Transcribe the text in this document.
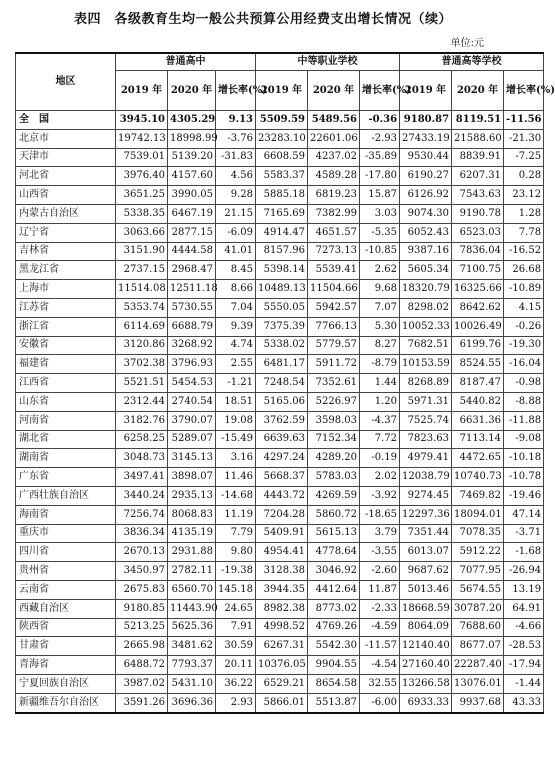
表四　各级教育生均一般公共预算公用经费支出增长情况（续）
单位:元
地区	普通高中			中等职业学校			普通高等学校		
	2019 年	2020 年	增长率(%)	2019 年	2020 年	增长率(%)	2019 年	2020 年	增长率(%)
全　国	3945.10	4305.29	9.13	5509.59	5489.56	-0.36	9180.87	8119.51	-11.56
北京市	19742.13	18998.99	-3.76	23283.10	22601.06	-2.93	27433.19	21588.60	-21.30
天津市	7539.01	5139.20	-31.83	6608.59	4237.02	-35.89	9530.44	8839.91	-7.25
河北省	3976.40	4157.60	4.56	5583.37	4589.28	-17.80	6190.27	6207.31	0.28
山西省	3651.25	3990.05	9.28	5885.18	6819.23	15.87	6126.92	7543.63	23.12
内蒙古自治区	5338.35	6467.19	21.15	7165.69	7382.99	3.03	9074.30	9190.78	1.28
辽宁省	3063.66	2877.15	-6.09	4914.47	4651.57	-5.35	6052.43	6523.03	7.78
吉林省	3151.90	4444.58	41.01	8157.96	7273.13	-10.85	9387.16	7836.04	-16.52
黑龙江省	2737.15	2968.47	8.45	5398.14	5539.41	2.62	5605.34	7100.75	26.68
上海市	11514.08	12511.18	8.66	10489.13	11504.66	9.68	18320.79	16325.66	-10.89
江苏省	5353.74	5730.55	7.04	5550.05	5942.57	7.07	8298.02	8642.62	4.15
浙江省	6114.69	6688.79	9.39	7375.39	7766.13	5.30	10052.33	10026.49	-0.26
安徽省	3120.86	3268.92	4.74	5338.02	5779.57	8.27	7682.51	6199.76	-19.30
福建省	3702.38	3796.93	2.55	6481.17	5911.72	-8.79	10153.59	8524.55	-16.04
江西省	5521.51	5454.53	-1.21	7248.54	7352.61	1.44	8268.89	8187.47	-0.98
山东省	2312.44	2740.54	18.51	5165.06	5226.97	1.20	5971.31	5440.82	-8.88
河南省	3182.76	3790.07	19.08	3762.59	3598.03	-4.37	7525.74	6631.36	-11.88
湖北省	6258.25	5289.07	-15.49	6639.63	7152.34	7.72	7823.63	7113.14	-9.08
湖南省	3048.73	3145.13	3.16	4297.24	4289.20	-0.19	4979.41	4472.65	-10.18
广东省	3497.41	3898.07	11.46	5668.37	5783.03	2.02	12038.79	10740.73	-10.78
广西壮族自治区	3440.24	2935.13	-14.68	4443.72	4269.59	-3.92	9274.45	7469.82	-19.46
海南省	7256.74	8068.83	11.19	7204.28	5860.72	-18.65	12297.36	18094.01	47.14
重庆市	3836.34	4135.19	7.79	5409.91	5615.13	3.79	7351.44	7078.35	-3.71
四川省	2670.13	2931.88	9.80	4954.41	4778.64	-3.55	6013.07	5912.22	-1.68
贵州省	3450.97	2782.11	-19.38	3128.38	3046.92	-2.60	9687.62	7077.95	-26.94
云南省	2675.83	6560.70	145.18	3944.35	4412.64	11.87	5013.46	5674.55	13.19
西藏自治区	9180.85	11443.90	24.65	8982.38	8773.02	-2.33	18668.59	30787.20	64.91
陕西省	5213.25	5625.36	7.91	4998.52	4769.26	-4.59	8064.09	7688.60	-4.66
甘肃省	2665.98	3481.62	30.59	6267.31	5542.30	-11.57	12140.40	8677.07	-28.53
青海省	6488.72	7793.37	20.11	10376.05	9904.55	-4.54	27160.40	22287.40	-17.94
宁夏回族自治区	3987.02	5431.10	36.22	6529.21	8654.58	32.55	13266.58	13076.01	-1.44
新疆维吾尔自治区	3591.26	3696.36	2.93	5866.01	5513.87	-6.00	6933.33	9937.68	43.33
